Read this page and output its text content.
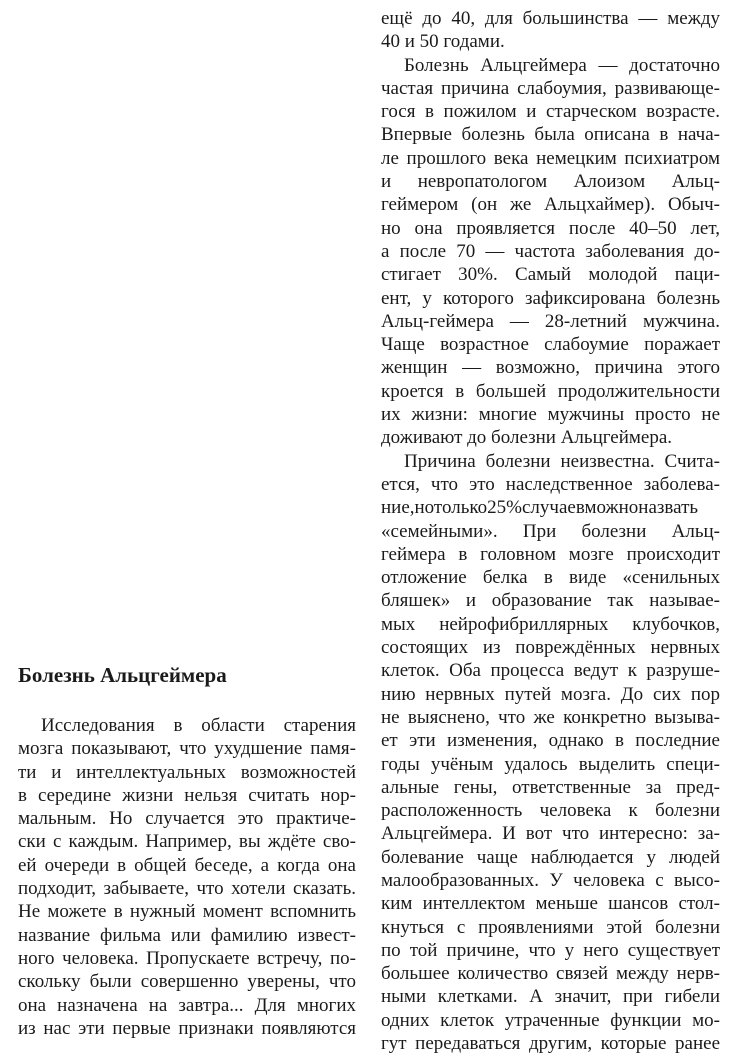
Болезнь Альцгеймера
Исследования в области старения
мозга показывают, что ухудшение памя-
ти и интеллектуальных возможностей
в середине жизни нельзя считать нор-
мальным. Но случается это практиче-
ски с каждым. Например, вы ждёте сво-
ей очереди в общей беседе, а когда она
подходит, забываете, что хотели сказать.
Не можете в нужный момент вспомнить
название фильма или фамилию извест-
ного человека. Пропускаете встречу, по-
скольку были совершенно уверены, что
она назначена на завтра... Для многих
из нас эти первые признаки появляются
ещё до 40, для большинства — между
40 и 50 годами.
Болезнь Альцгеймера — достаточно
частая причина слабоумия, развивающе-
гося в пожилом и старческом возрасте.
Впервые болезнь была описана в нача-
ле прошлого века немецким психиатром
и невропатологом Алоизом Альц-
геймером (он же Альцхаймер). Обыч-
но она проявляется после 40–50 лет,
а после 70 — частота заболевания до-
стигает 30%. Самый молодой паци-
ент, у которого зафиксирована болезнь
Альц-геймера — 28-летний мужчина.
Чаще возрастное слабоумие поражает
женщин — возможно, причина этого
кроется в большей продолжительности
их жизни: многие мужчины просто не
доживают до болезни Альцгеймера.
Причина болезни неизвестна. Счита-
ется, что это наследственное заболева-
ние,нотолько25%случаевможноназвать
«семейными». При болезни Альц-
геймера в головном мозге происходит
отложение белка в виде «сенильных
бляшек» и образование так называе-
мых нейрофибриллярных клубочков,
состоящих из повреждённых нервных
клеток. Оба процесса ведут к разруше-
нию нервных путей мозга. До сих пор
не выяснено, что же конкретно вызыва-
ет эти изменения, однако в последние
годы учёным удалось выделить специ-
альные гены, ответственные за пред-
расположенность человека к болезни
Альцгеймера. И вот что интересно: за-
болевание чаще наблюдается у людей
малообразованных. У человека с высо-
ким интеллектом меньше шансов стол-
кнуться с проявлениями этой болезни
по той причине, что у него существует
большее количество связей между нерв-
ными клетками. А значит, при гибели
одних клеток утраченные функции мо-
гут передаваться другим, которые ранее
